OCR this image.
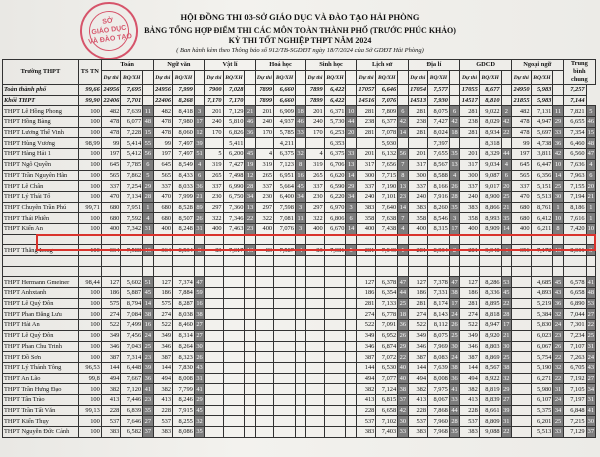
SỞ
GIÁO DỤC
VÀ ĐÀO TẠO
HỘI ĐỒNG THI 03-SỞ GIÁO DỤC VÀ ĐÀO TẠO HẢI PHÒNG
BẢNG TỔNG HỢP ĐIỂM THI CÁC MÔN TOÀN THÀNH PHỐ (TRƯỚC PHÚC KHẢO)
KỲ THI TỐT NGHIỆP THPT NĂM 2024
( Ban hành kèm theo Thông báo số 912/TB-SGDĐT ngày 18/7/2024 của Sở GDĐT Hải Phòng)
Trường THPT	TS TN	Toán			Ngữ văn			Vật lí			Hoá học			Sinh học			Lịch sử			Địa lí			GDCD			Ngoại ngữ			Trung bình chung	
		Dự thi	BQ/XH		Dự thi	BQ/XH		Dự thi	BQ/XH		Dự thi	BQ/XH		Dự thi	BQ/XH		Dự thi	BQ/XH		Dự thi	BQ/XH		Dự thi	BQ/XH		Dự thi	BQ/XH			
Toàn thành phố	99,66	24956	7,695		24956	7,999		7900	7,028		7899	6,660		7899	6,422		17057	6,646		17054	7,577		17055	8,677		24950	5,983		7,257	
Khối THPT	99,90	22406	7,701		22406	8,268		7,170	7,170		7899	6,660		7899	6,422		14516	7,076		14513	7,930		14517	8,810		21855	5,983		7,144	
THPT Lê Hồng Phong	100	482	7,639	11	482	8,418	3	201	7,129	21	201	6,909	18	201	6,371	10	281	7,809	6	281	8,075	6	281	9,022	2	482	7,131	11	7,821	5
THPT Hồng Bàng	100	478	6,077	48	478	7,980	17	240	5,810	46	240	4,937	46	240	5,730	44	238	6,377	42	238	7,427	42	238	8,029	42	478	4,947	29	6,655	46
THPT Lương Thế Vinh	100	478	7,228	15	478	8,060	12	170	6,826	36	170	5,785	33	170	6,253	20	281	7,078	14	281	8,024	18	281	8,934	22	478	5,697	33	7,354	15
THPT Hùng Vương	98,99	99	5,414	55	99	7,497	39		5,411			4,211			6,353			5,930			7,397			8,318		99	4,738	36	6,460	48
THPT Hàng Hải 1	100	197	5,412	56	197	7,497	51	5	6,200	45	4	6,375	32	4	6,375	33	201	6,132	56	201	7,655	35	201	8,329	44	197	3,811	42	6,560	47
THPT Ngô Quyền	100	645	7,785	6	645	8,549	4	319	7,427	19	319	7,123	8	319	6,706	13	317	7,656	7	317	8,567	13	317	9,034	4	645	6,447	10	7,636	4
THPT Trần Nguyên Hãn	100	565	7,862	5	565	8,433	6	265	7,498	12	265	6,951	16	265	6,620	14	300	7,715	8	300	8,588	4	300	9,087	6	565	6,356	14	7,963	6
THPT Lê Chân	100	337	7,254	29	337	8,033	36	337	6,990	28	337	5,664	45	337	6,590	29	337	7,190	13	337	8,166	26	337	9,017	20	337	5,151	25	7,155	20
THPT Lý Thái Tổ	100	470	7,134	28	470	7,999	21	230	6,750	34	230	6,400	34	230	6,220	34	240	7,101	23	240	7,916	28	240	8,900	25	470	5,513	30	7,194	21
THPT Chuyên Trần Phú	99,71	680	7,951	1	680	8,528	89	297	7,360	13	297	7,598	3	297	6,970	3	383	7,640	14	383	8,260	35	383	8,866	21	680	8,761	1	8,186	1
THPT Thái Phiên	100	680	7,592	4	680	8,507	26	322	7,346	22	322	7,081	11	322	6,806	6	358	7,638	7	358	8,546	3	358	8,993	35	680	6,412	10	7,616	1
THPT Kiến An	100	400	7,342	31	400	8,248	31	400	7,463	23	400	7,076	3	400	6,670	14	400	7,438	4	400	8,315	17	400	8,909	14	400	6,211	8	7,420	10

THPT Thăng Long	100	364	7,588	15	364	8,534	8	83	7,317	13	83	7,587	4	83	7,081	5	281	7,949	1	281	8,934	2	281	9,048	4	356	7,172	10	8,061	3

THPT Hermann Gmeiner	98,44	127	5,602	51	127	7,374	47										127	6,378	47	127	7,378	47	127	8,286	53		4,685	45	6,578	41
THPT Anhxtanh	100	186	5,887	45	186	7,884	59										186	6,354	44	186	7,331	38	186	8,336	45		4,893	43	6,658	48
THPT Lê Quý Đôn	100	575	8,794	14	575	8,287	16										281	7,133	25	281	8,174	17	281	8,895	22		5,219	36	6,890	53
THPT Phan Đăng Lưu	100	274	7,084	38	274	8,038	38										274	6,778	18	274	8,143	24	274	8,818	28		5,384	32	7,044	27
THPT Hải An	100	522	7,499	16	522	8,460	27										522	7,091	36	522	8,112	26	522	8,947	17		5,830	24	7,301	22
THPT Lê Quý Đôn	100	349	7,456	24	349	8,314	27										349	6,952	26	349	8,075	25	349	8,920	21		6,023	23	7,234	25
THPT Phan Chu Trinh	100	346	7,043	25	346	8,264	30										346	6,874	29	346	7,969	30	346	8,803	30		6,067	26	7,107	31
THPT Đồ Sơn	100	387	7,314	23	387	8,323	26										387	7,072	22	387	8,083	24	387	8,869	25		5,754	22	7,263	24
THPT Lý Thánh Tông	96,53	144	6,448	39	144	7,830	43										144	6,530	40	144	7,639	38	144	8,567	38		5,190	32	6,705	43
THPT An Lão	99,8	494	7,667	36	494	8,008	31										494	7,077	40	494	8,008	36	494	8,922	32		6,271	22	7,192	27
THPT Trần Hưng Đạo	100	382	7,120	41	382	7,799	41										382	7,124	38	382	7,975	41	382	8,819	29		5,980	31	7,105	34
THPT Tân Trào	100	413	7,446	23	413	8,246	29										413	6,815	37	413	8,067	33	413	8,839	27		6,107	24	7,197	31
THPT Trần Tất Văn	99,13	228	6,839	35	228	7,915	45										228	6,658	42	228	7,868	44	228	8,661	39		5,375	34	6,848	41
THPT Kiến Thụy	100	537	7,646	27	537	8,255	32										537	7,102	30	537	7,960	28	537	8,809	31		6,201	25	7,215	30
THPT Nguyễn Đức Cảnh	100	383	6,582	37	383	8,086	35										383	7,403	33	383	7,968	35	383	9,088	22		5,513	33	7,129	37
